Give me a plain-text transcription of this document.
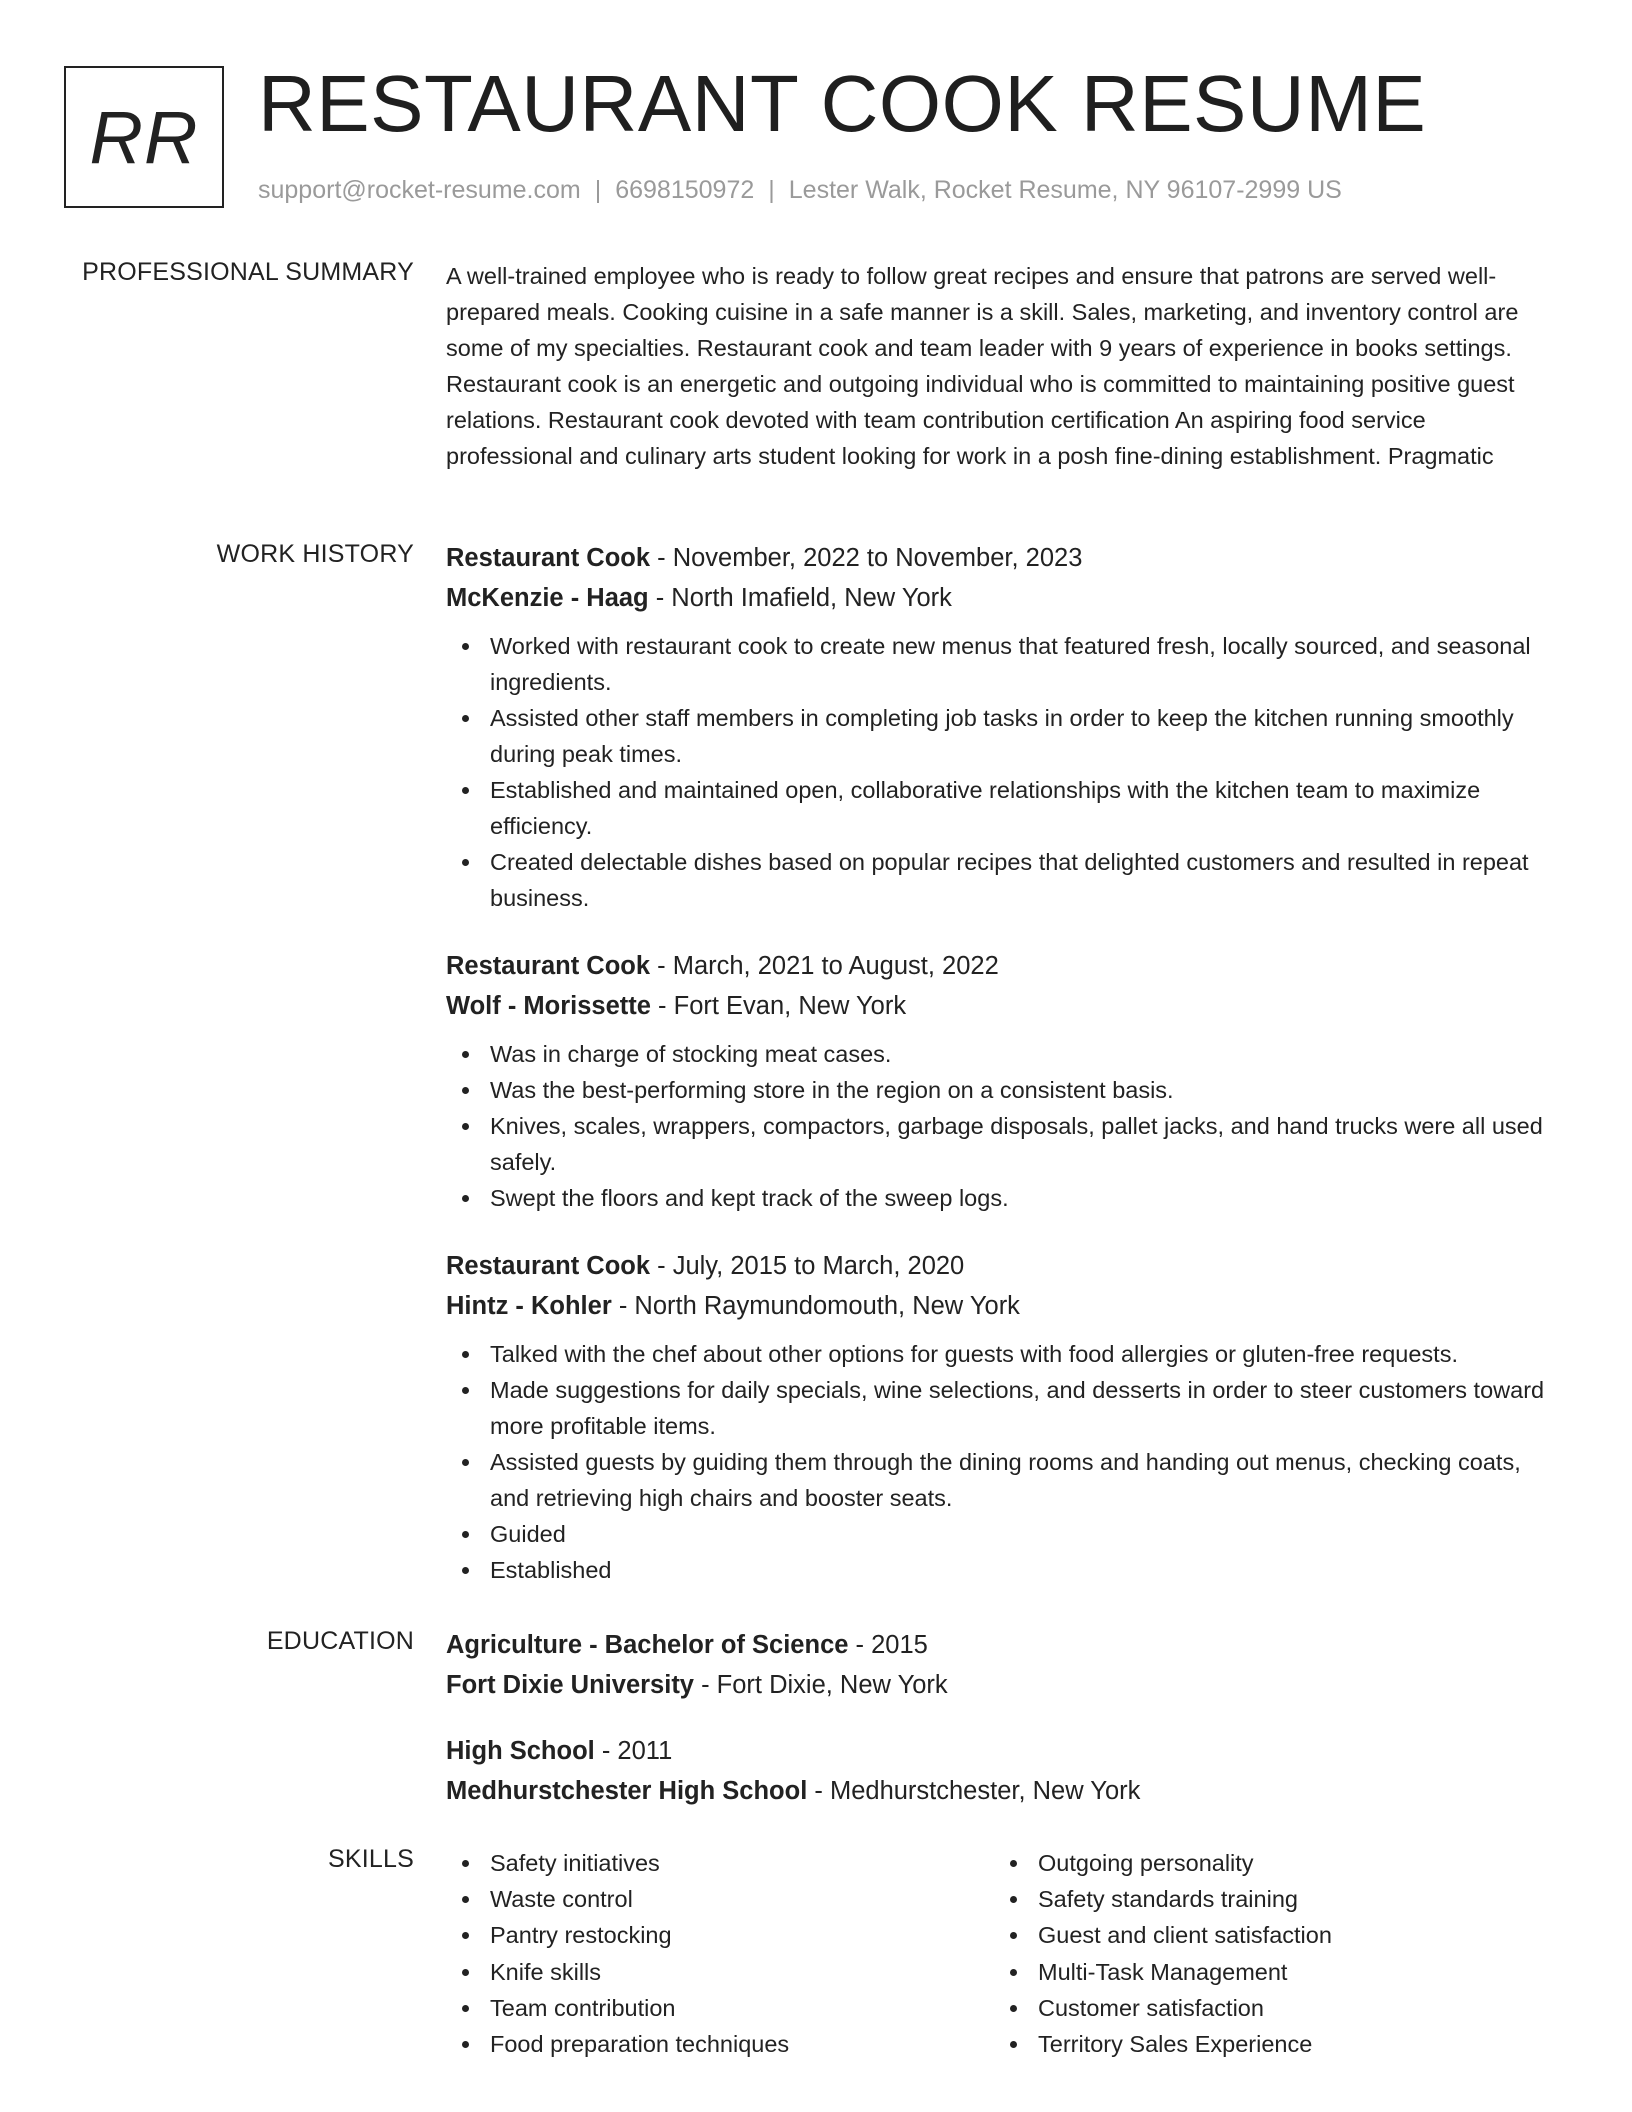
RR RESTAURANT COOK RESUME
support@rocket-resume.com | 6698150972 | Lester Walk, Rocket Resume, NY 96107-2999 US
PROFESSIONAL SUMMARY A well-trained employee who is ready to follow great recipes and ensure that patrons are served well-prepared meals. Cooking cuisine in a safe manner is a skill. Sales, marketing, and inventory control are some of my specialties. Restaurant cook and team leader with 9 years of experience in books settings. Restaurant cook is an energetic and outgoing individual who is committed to maintaining positive guest relations. Restaurant cook devoted with team contribution certification An aspiring food service professional and culinary arts student looking for work in a posh fine-dining establishment. Pragmatic
WORK HISTORY Restaurant Cook - November, 2022 to November, 2023
McKenzie - Haag - North Imafield, New York
Worked with restaurant cook to create new menus that featured fresh, locally sourced, and seasonal ingredients.
Assisted other staff members in completing job tasks in order to keep the kitchen running smoothly during peak times.
Established and maintained open, collaborative relationships with the kitchen team to maximize efficiency.
Created delectable dishes based on popular recipes that delighted customers and resulted in repeat business.
Restaurant Cook - March, 2021 to August, 2022
Wolf - Morissette - Fort Evan, New York
Was in charge of stocking meat cases.
Was the best-performing store in the region on a consistent basis.
Knives, scales, wrappers, compactors, garbage disposals, pallet jacks, and hand trucks were all used safely.
Swept the floors and kept track of the sweep logs.
Restaurant Cook - July, 2015 to March, 2020
Hintz - Kohler - North Raymundomouth, New York
Talked with the chef about other options for guests with food allergies or gluten-free requests.
Made suggestions for daily specials, wine selections, and desserts in order to steer customers toward more profitable items.
Assisted guests by guiding them through the dining rooms and handing out menus, checking coats, and retrieving high chairs and booster seats.
Guided
Established
EDUCATION Agriculture - Bachelor of Science - 2015
Fort Dixie University - Fort Dixie, New York
High School - 2011
Medhurstchester High School - Medhurstchester, New York
SKILLS	Safety initiatives
Waste control
Pantry restocking
Knife skills
Team contribution
Food preparation techniques
Outgoing personality
Safety standards training
Guest and client satisfaction
Multi-Task Management
Customer satisfaction
Territory Sales Experience
